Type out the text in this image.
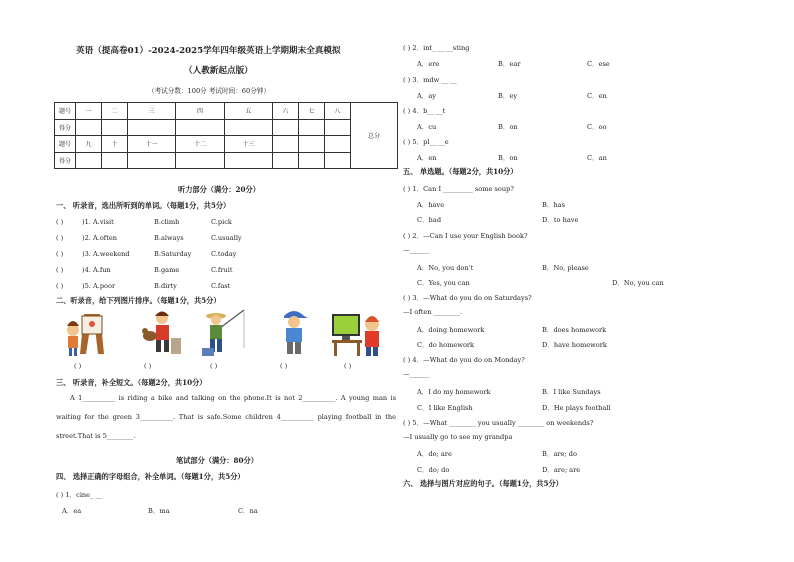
英语（提高卷01）-2024-2025学年四年级英语上学期期末全真模拟
（人教新起点版）
（考试分数：100分 考试时间：60分钟）
题号	一	二	三	四	五	六	七	八	总分
得分									
题号	九	十	十一	十二	十三				
得分									
听力部分（满分：20分）
一、 听录音，选出所听到的单词。（每题1分，共5分）
( )	)1. A.visit	B.climb	C.pick
( )	)2. A.often	B.always	C.usually
( )	)3. A.weekend	B.Saturday	C.today
( )	)4. A.fun	B.game	C.fruit
( )	)5. A.poor	B.dirty	C.fast
二、听录音，给下列图片排序。（每题1分，共5分）
( )	( )	( )	( )	( )
三、 听录音，补全短文。（每题2分，共10分）
A 1__________ is riding a bike and talking on the phone.It is not 2__________. A young man is waiting for the green 3__________. That is safe.Some children 4__________ playing football in the street.That is 5________.
笔试部分（满分：80分）
四、 选择正确的字母组合，补全单词。（每题1分，共5分）
( ) 1．cine_ __
A．ea	B．ma	C．na
( ) 2．int_ __ __sting
A．ere	B．ear	C．ese
( ) 3．mdw __ __
A．ay	B．ey	C．en
( ) 4．b__ __t
A．cu	B．on	C．oo
( ) 5．pl__ __e
A．en	B．on	C．an
五、 单选题。（每题2分，共10分）
( ) 1．Can I _________ some soup?
A．have	B．has
C．had	D．to have
( ) 2．—Can I use your English book?
—______
A．No, you don't	B．No, please
C．Yes, you can	D．No, you can
( ) 3．—What do you do on Saturdays?
—I often ________.
A．doing homework	B．does homework
C．do homework	D．have homework
( ) 4．—What do you do on Monday?
—______
A．I do my homework	B．I like Sundays
C．I like English	D．He plays football
( ) 5．—What ________ you usually ________ on weekends?
—I usually go to see my grandpa
A．do; are	B．are; do
C．do; do	D．are; are
六、 选择与图片对应的句子。（每题1分，共5分）
